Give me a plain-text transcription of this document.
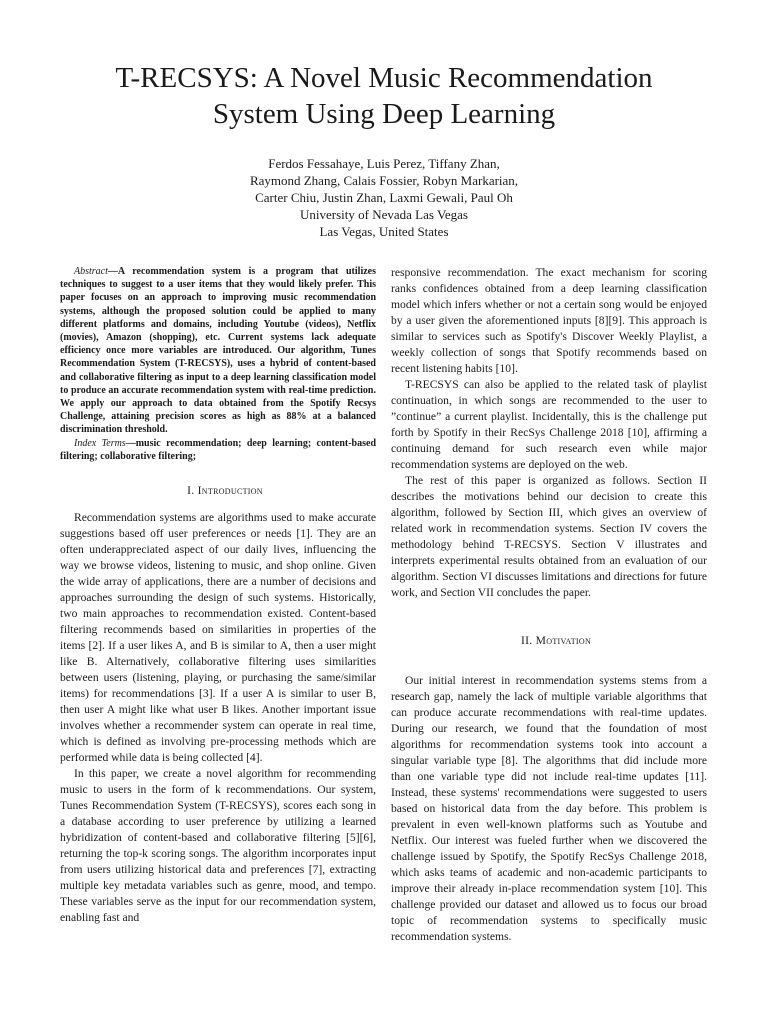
T-RECSYS: A Novel Music Recommendation
System Using Deep Learning
Ferdos Fessahaye, Luis Perez, Tiffany Zhan,
Raymond Zhang, Calais Fossier, Robyn Markarian,
Carter Chiu, Justin Zhan, Laxmi Gewali, Paul Oh
University of Nevada Las Vegas
Las Vegas, United States

Abstract—A recommendation system is a program that utilizes techniques to suggest to a user items that they would likely prefer. This paper focuses on an approach to improving music recommendation systems, although the proposed solution could be applied to many different platforms and domains, including Youtube (videos), Netflix (movies), Amazon (shopping), etc. Current systems lack adequate efficiency once more variables are introduced. Our algorithm, Tunes Recommendation System (T-RECSYS), uses a hybrid of content-based and collaborative filtering as input to a deep learning classification model to produce an accurate recommendation system with real-time prediction. We apply our approach to data obtained from the Spotify Recsys Challenge, attaining precision scores as high as 88% at a balanced discrimination threshold.

Index Terms—music recommendation; deep learning; content-based filtering; collaborative filtering;

I. Introduction

Recommendation systems are algorithms used to make accurate suggestions based off user preferences or needs [1]. They are an often underappreciated aspect of our daily lives, influencing the way we browse videos, listening to music, and shop online. Given the wide array of applications, there are a number of decisions and approaches surrounding the design of such systems. Historically, two main approaches to recommendation existed. Content-based filtering recommends based on similarities in properties of the items [2]. If a user likes A, and B is similar to A, then a user might like B. Alternatively, collaborative filtering uses similarities between users (listening, playing, or purchasing the same/similar items) for recommendations [3]. If a user A is similar to user B, then user A might like what user B likes. Another important issue involves whether a recommender system can operate in real time, which is defined as involving pre-processing methods which are performed while data is being collected [4].

In this paper, we create a novel algorithm for recommending music to users in the form of k recommendations. Our system, Tunes Recommendation System (T-RECSYS), scores each song in a database according to user preference by utilizing a learned hybridization of content-based and collaborative filtering [5][6], returning the top-k scoring songs. The algorithm incorporates input from users utilizing historical data and preferences [7], extracting multiple key metadata variables such as genre, mood, and tempo. These variables serve as the input for our recommendation system, enabling fast and

responsive recommendation. The exact mechanism for scoring ranks confidences obtained from a deep learning classification model which infers whether or not a certain song would be enjoyed by a user given the aforementioned inputs [8][9]. This approach is similar to services such as Spotify's Discover Weekly Playlist, a weekly collection of songs that Spotify recommends based on recent listening habits [10].

T-RECSYS can also be applied to the related task of playlist continuation, in which songs are recommended to the user to ”continue” a current playlist. Incidentally, this is the challenge put forth by Spotify in their RecSys Challenge 2018 [10], affirming a continuing demand for such research even while major recommendation systems are deployed on the web.

The rest of this paper is organized as follows. Section II describes the motivations behind our decision to create this algorithm, followed by Section III, which gives an overview of related work in recommendation systems. Section IV covers the methodology behind T-RECSYS. Section V illustrates and interprets experimental results obtained from an evaluation of our algorithm. Section VI discusses limitations and directions for future work, and Section VII concludes the paper.

II. Motivation

Our initial interest in recommendation systems stems from a research gap, namely the lack of multiple variable algorithms that can produce accurate recommendations with real-time updates. During our research, we found that the foundation of most algorithms for recommendation systems took into account a singular variable type [8]. The algorithms that did include more than one variable type did not include real-time updates [11]. Instead, these systems' recommendations were suggested to users based on historical data from the day before. This problem is prevalent in even well-known platforms such as Youtube and Netflix. Our interest was fueled further when we discovered the challenge issued by Spotify, the Spotify RecSys Challenge 2018, which asks teams of academic and non-academic participants to improve their already in-place recommendation system [10]. This challenge provided our dataset and allowed us to focus our broad topic of recommendation systems to specifically music recommendation systems.
